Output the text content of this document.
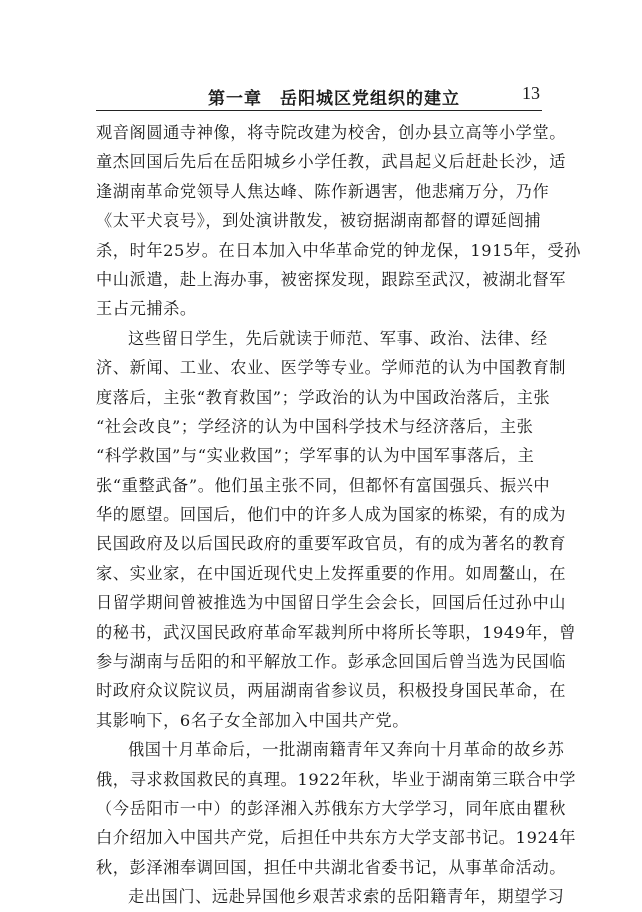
第一章　岳阳城区党组织的建立	13
观音阁圆通寺神像，将寺院改建为校舍，创办县立高等小学堂。
童杰回国后先后在岳阳城乡小学任教，武昌起义后赶赴长沙，适
逢湖南革命党领导人焦达峰、陈作新遇害，他悲痛万分，乃作
《太平犬哀号》，到处演讲散发，被窃据湖南都督的谭延闿捕
杀，时年25岁。在日本加入中华革命党的钟龙保，1915年，受孙
中山派遣，赴上海办事，被密探发现，跟踪至武汉，被湖北督军
王占元捕杀。
这些留日学生，先后就读于师范、军事、政治、法律、经
济、新闻、工业、农业、医学等专业。学师范的认为中国教育制
度落后，主张“教育救国”；学政治的认为中国政治落后，主张
“社会改良”；学经济的认为中国科学技术与经济落后，主张
“科学救国”与“实业救国”；学军事的认为中国军事落后，主
张“重整武备”。他们虽主张不同，但都怀有富国强兵、振兴中
华的愿望。回国后，他们中的许多人成为国家的栋梁，有的成为
民国政府及以后国民政府的重要军政官员，有的成为著名的教育
家、实业家，在中国近现代史上发挥重要的作用。如周鳌山，在
日留学期间曾被推选为中国留日学生会会长，回国后任过孙中山
的秘书，武汉国民政府革命军裁判所中将所长等职，1949年，曾
参与湖南与岳阳的和平解放工作。彭承念回国后曾当选为民国临
时政府众议院议员，两届湖南省参议员，积极投身国民革命，在
其影响下，6名子女全部加入中国共产党。
俄国十月革命后，一批湖南籍青年又奔向十月革命的故乡苏
俄，寻求救国救民的真理。1922年秋，毕业于湖南第三联合中学
（今岳阳市一中）的彭泽湘入苏俄东方大学学习，同年底由瞿秋
白介绍加入中国共产党，后担任中共东方大学支部书记。1924年
秋，彭泽湘奉调回国，担任中共湖北省委书记，从事革命活动。
走出国门、远赴异国他乡艰苦求索的岳阳籍青年，期望学习
